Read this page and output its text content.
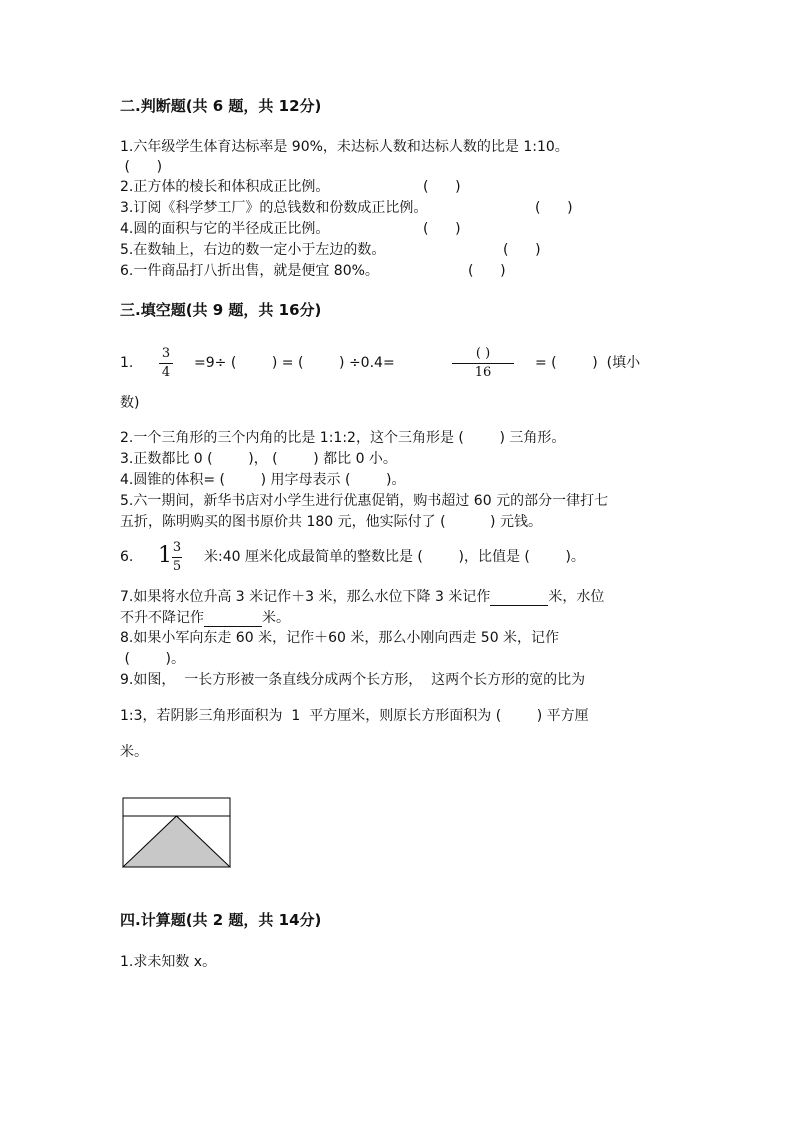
二.判断题(共 6 题，共 12分)
1.六年级学生体育达标率是 90%，未达标人数和达标人数的比是 1:10。
(      )
2.正方体的棱长和体积成正比例。	(      )
3.订阅《科学梦工厂》的总钱数和份数成正比例。	(      )
4.圆的面积与它的半径成正比例。	(      )
5.在数轴上，右边的数一定小于左边的数。	(      )
6.一件商品打八折出售，就是便宜 80%。	(      )
三.填空题(共 9 题，共 16分)
1.
3
4
=9÷ (        ) = (        ) ÷0.4=
( )
16
= (        )  (填小
数)
2.一个三角形的三个内角的比是 1:1:2，这个三角形是 (        ) 三角形。
3.正数都比 0 (        )， (        ) 都比 0 小。
4.圆锥的体积= (        ) 用字母表示 (        )。
5.六一期间，新华书店对小学生进行优惠促销，购书超过 60 元的部分一律打七
五折，陈明购买的图书原价共 180 元，他实际付了 (          ) 元钱。
6. 1 3
5
米:40 厘米化成最简单的整数比是 (        )，比值是 (        )。
7.如果将水位升高 3 米记作＋3 米，那么水位下降 3 米记作	米，水位
不升不降记作	米。
8.如果小军向东走 60 米，记作＋60 米，那么小刚向西走 50 米，记作
(        )。
9.如图，  一长方形被一条直线分成两个长方形，  这两个长方形的宽的比为
1:3，若阴影三角形面积为  1  平方厘米，则原长方形面积为 (        ) 平方厘
米。
四.计算题(共 2 题，共 14分)
1.求未知数 x。
